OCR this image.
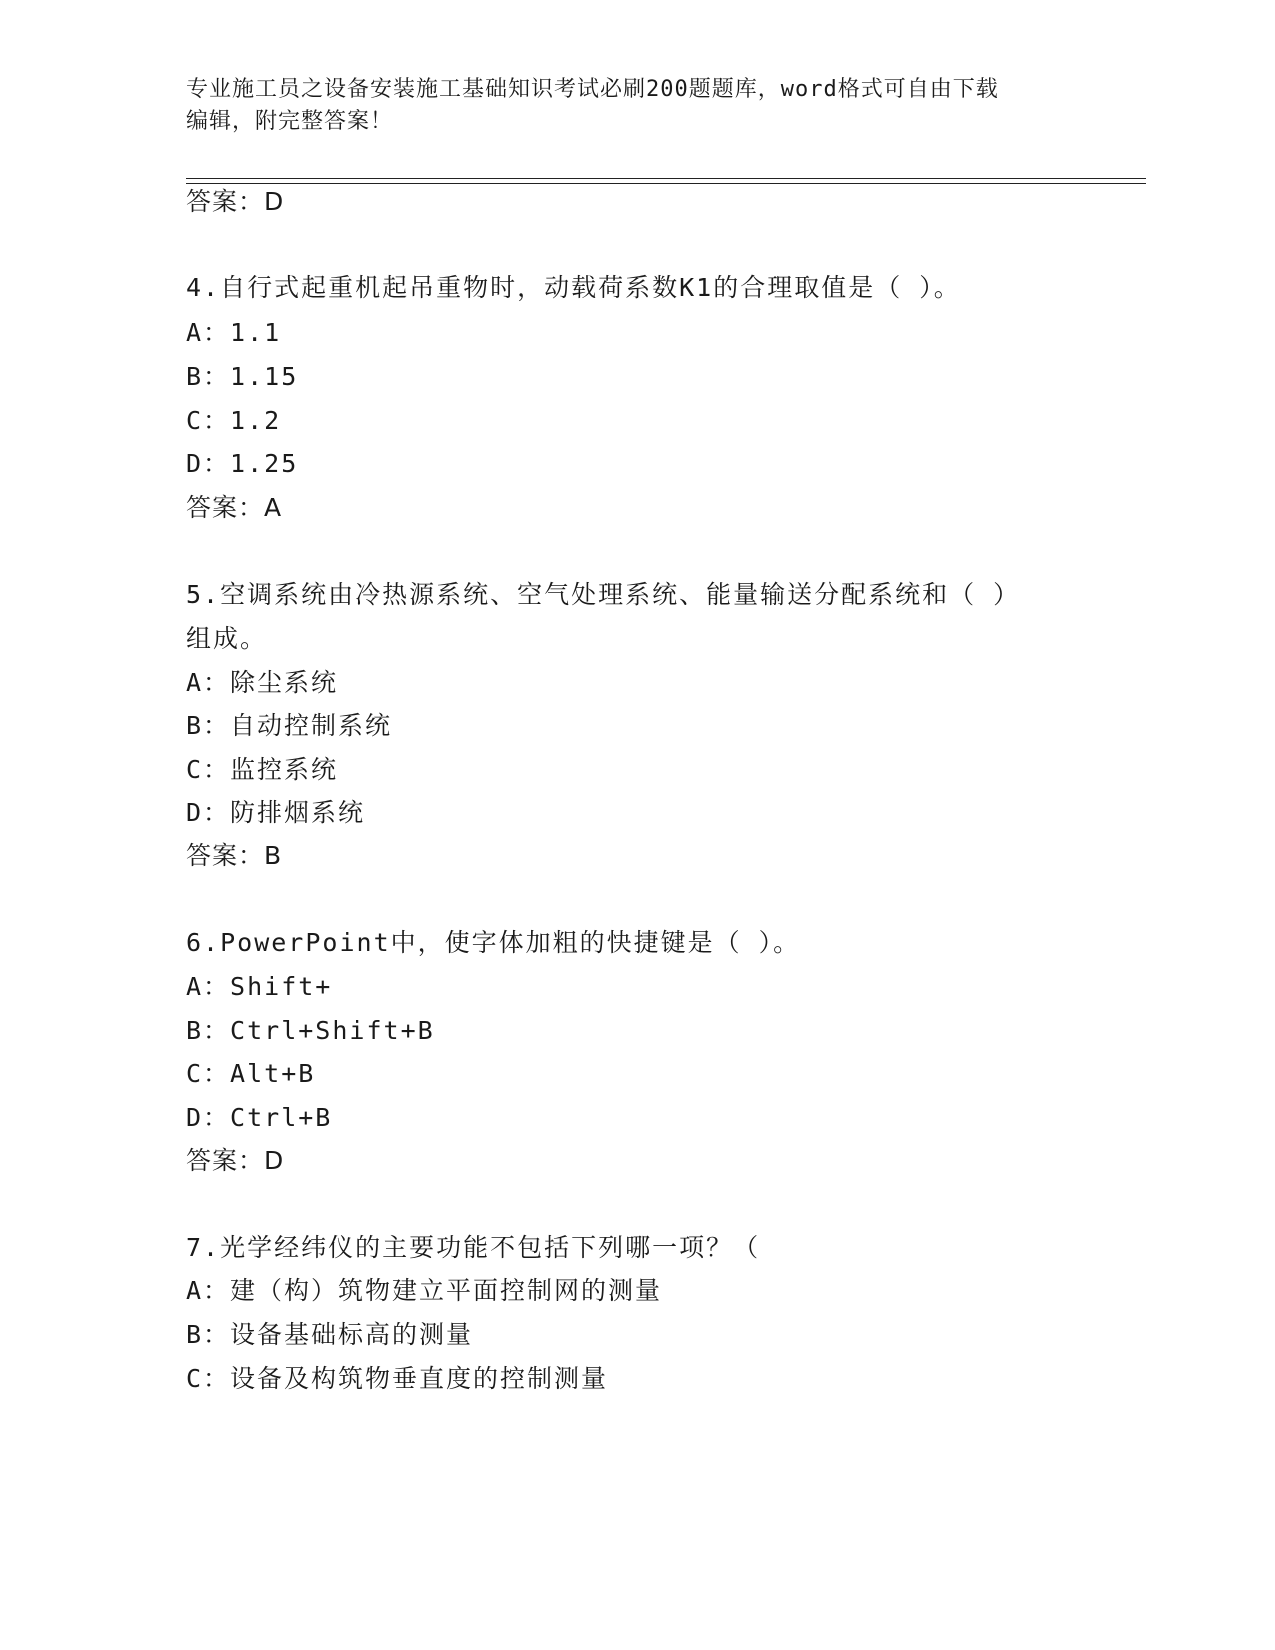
专业施工员之设备安装施工基础知识考试必刷200题题库，word格式可自由下载
编辑，附完整答案！
答案：D
4.自行式起重机起吊重物时，动载荷系数K1的合理取值是（ ）。
A：1.1
B：1.15
C：1.2
D：1.25
答案：A
5.空调系统由冷热源系统、空气处理系统、能量输送分配系统和（ ）
组成。
A：除尘系统
B：自动控制系统
C：监控系统
D：防排烟系统
答案：B
6.PowerPoint中，使字体加粗的快捷键是（ ）。
A：Shift+
B：Ctrl+Shift+B
C：Alt+B
D：Ctrl+B
答案：D
7.光学经纬仪的主要功能不包括下列哪一项？（
A：建（构）筑物建立平面控制网的测量
B：设备基础标高的测量
C：设备及构筑物垂直度的控制测量
